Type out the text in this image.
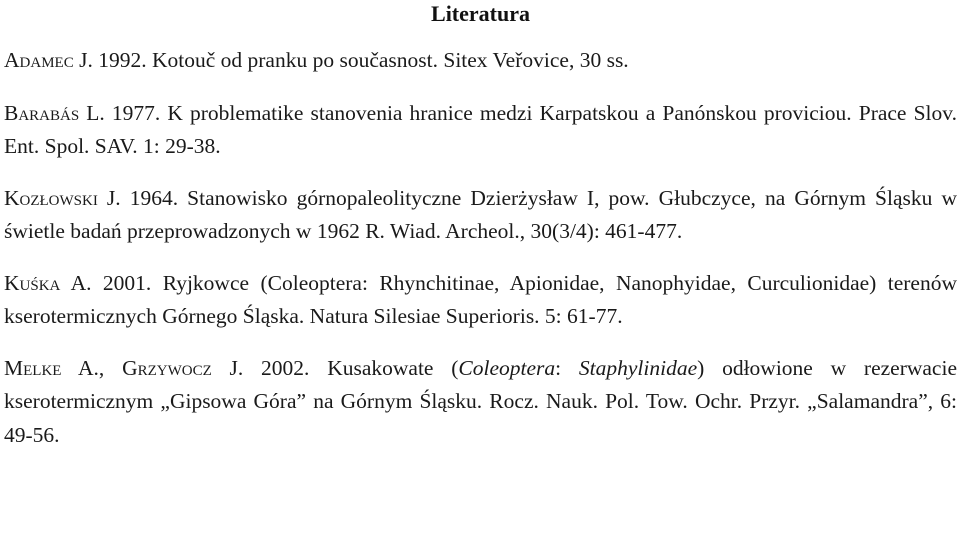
Literatura

Adamec J. 1992. Kotouč od pranku po současnost. Sitex Veřovice, 30 ss.

Barabás L. 1977. K problematike stanovenia hranice medzi Karpatskou a Panónskou proviciou. Prace Slov. Ent. Spol. SAV. 1: 29-38.

Kozłowski J. 1964. Stanowisko górnopaleolityczne Dzierżysław I, pow. Głubczyce, na Górnym Śląsku w świetle badań przeprowadzonych w 1962 R. Wiad. Archeol., 30(3/4): 461-477.

Kuśka A. 2001. Ryjkowce (Coleoptera: Rhynchitinae, Apionidae, Nanophyidae, Curculionidae) terenów kserotermicznych Górnego Śląska. Natura Silesiae Superioris. 5: 61-77.

Melke A., Grzywocz J. 2002. Kusakowate (Coleoptera: Staphylinidae) odłowione w rezerwacie kserotermicznym „Gipsowa Góra” na Górnym Śląsku. Rocz. Nauk. Pol. Tow. Ochr. Przyr. „Salamandra”, 6: 49-56.
